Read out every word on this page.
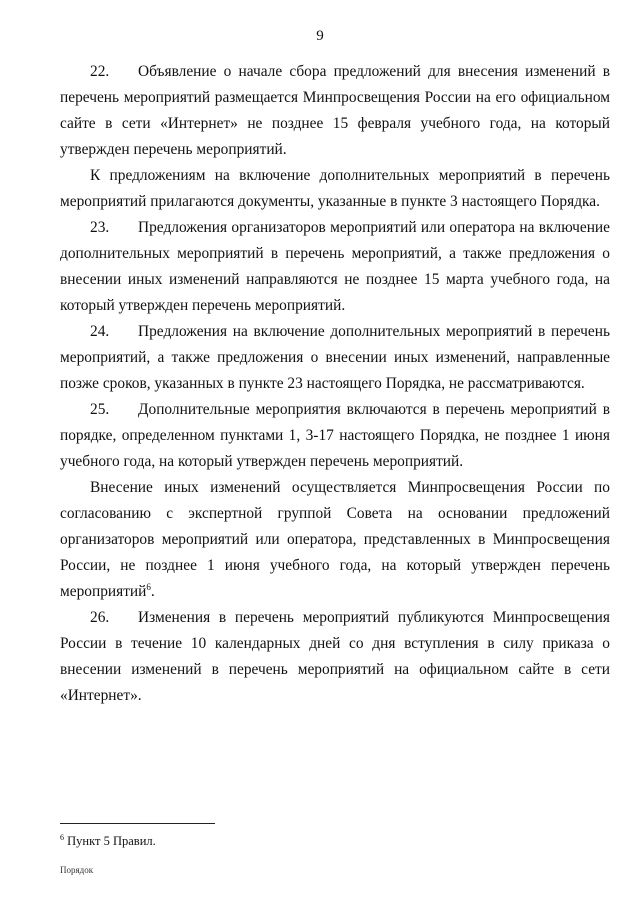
9

22. Объявление о начале сбора предложений для внесения изменений в перечень мероприятий размещается Минпросвещения России на его официальном сайте в сети «Интернет» не позднее 15 февраля учебного года, на который утвержден перечень мероприятий.

К предложениям на включение дополнительных мероприятий в перечень мероприятий прилагаются документы, указанные в пункте 3 настоящего Порядка.

23. Предложения организаторов мероприятий или оператора на включение дополнительных мероприятий в перечень мероприятий, а также предложения о внесении иных изменений направляются не позднее 15 марта учебного года, на который утвержден перечень мероприятий.

24. Предложения на включение дополнительных мероприятий в перечень мероприятий, а также предложения о внесении иных изменений, направленные позже сроков, указанных в пункте 23 настоящего Порядка, не рассматриваются.

25. Дополнительные мероприятия включаются в перечень мероприятий в порядке, определенном пунктами 1, 3-17 настоящего Порядка, не позднее 1 июня учебного года, на который утвержден перечень мероприятий.

Внесение иных изменений осуществляется Минпросвещения России по согласованию с экспертной группой Совета на основании предложений организаторов мероприятий или оператора, представленных в Минпросвещения России, не позднее 1 июня учебного года, на который утвержден перечень мероприятий$^6$.

26. Изменения в перечень мероприятий публикуются Минпросвещения России в течение 10 календарных дней со дня вступления в силу приказа о внесении изменений в перечень мероприятий на официальном сайте в сети «Интернет».

$^6$ Пункт 5 Правил.
Порядок
